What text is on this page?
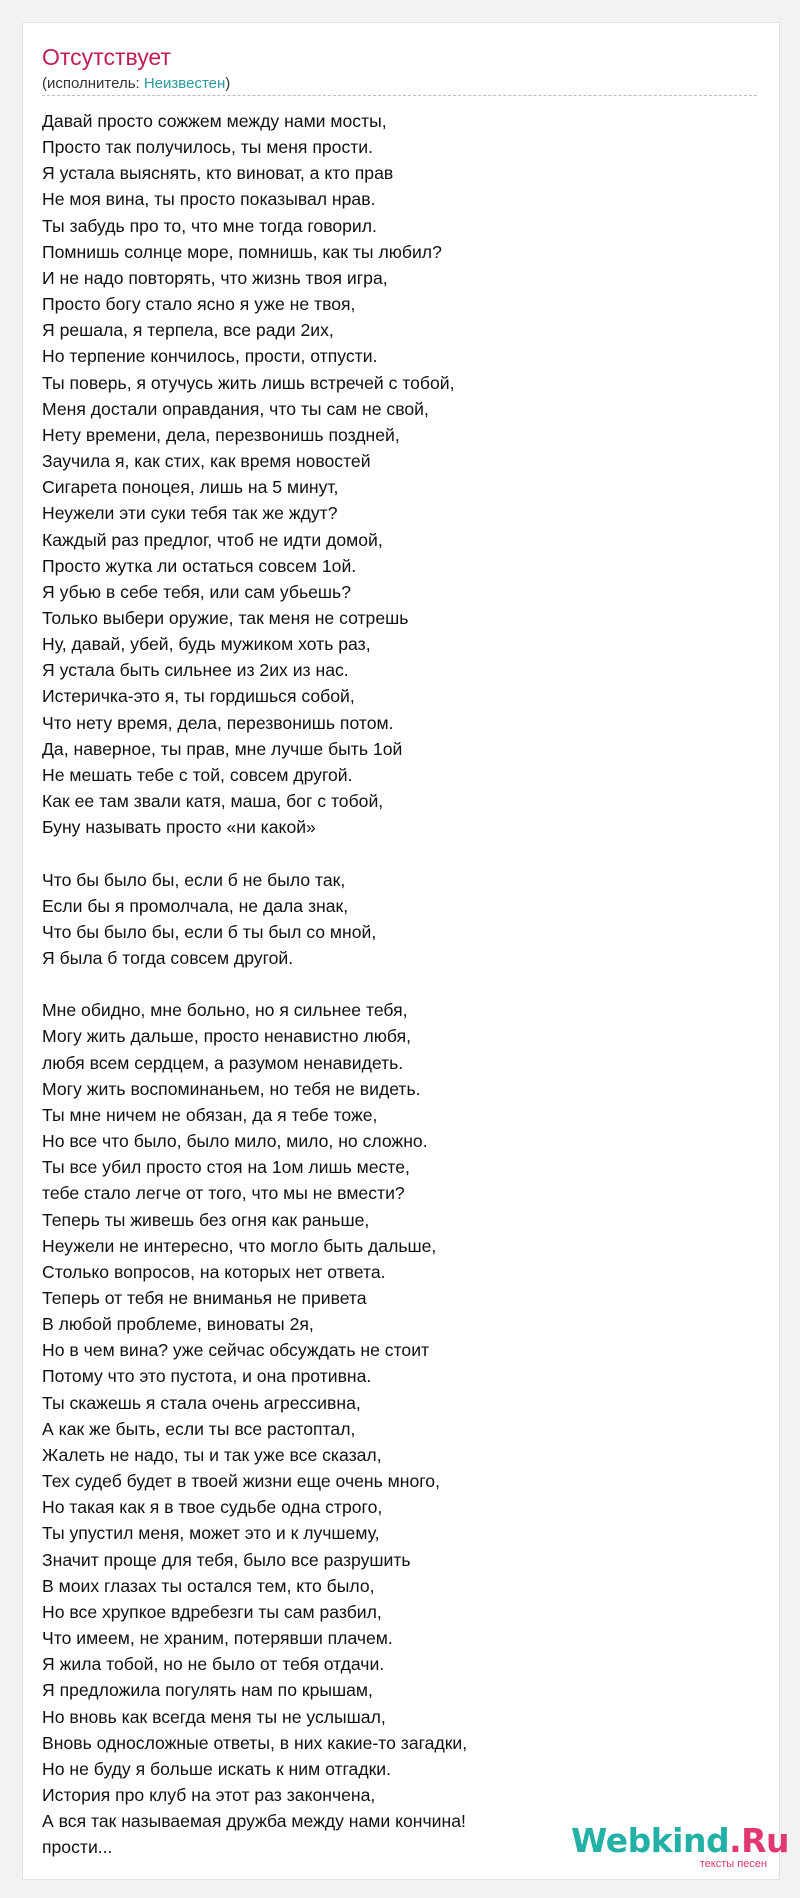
Отсутствует
(исполнитель: Неизвестен)
Давай просто сожжем между нами мосты,
Просто так получилось, ты меня прости.
Я устала выяснять, кто виноват, а кто прав
Не моя вина, ты просто показывал нрав.
Ты забудь про то, что мне тогда говорил.
Помнишь солнце море, помнишь, как ты любил?
И не надо повторять, что жизнь твоя игра,
Просто богу стало ясно я уже не твоя,
Я решала, я терпела, все ради 2их,
Но терпение кончилось, прости, отпусти.
Ты поверь, я отучусь жить лишь встречей с тобой,
Меня достали оправдания, что ты сам не свой,
Нету времени, дела, перезвонишь поздней,
Заучила я, как стих, как время новостей
Сигарета поноцея, лишь на 5 минут,
Неужели эти суки тебя так же ждут?
Каждый раз предлог, чтоб не идти домой,
Просто жутка ли остаться совсем 1ой.
Я убью в себе тебя, или сам убьешь?
Только выбери оружие, так меня не сотрешь
Ну, давай, убей, будь мужиком хоть раз,
Я устала быть сильнее из 2их из нас.
Истеричка-это я, ты гордишься собой,
Что нету время, дела, перезвонишь потом.
Да, наверное, ты прав, мне лучше быть 1ой
Не мешать тебе с той, совсем другой.
Как ее там звали катя, маша, бог с тобой,
Буну называть просто «ни какой»
Что бы было бы, если б не было так,
Если бы я промолчала, не дала знак,
Что бы было бы, если б ты был со мной,
Я была б тогда совсем другой.
Мне обидно, мне больно, но я сильнее тебя,
Могу жить дальше, просто ненавистно любя,
любя всем сердцем, а разумом ненавидеть.
Могу жить воспоминаньем, но тебя не видеть.
Ты мне ничем не обязан, да я тебе тоже,
Но все что было, было мило, мило, но сложно.
Ты все убил просто стоя на 1ом лишь месте,
тебе стало легче от того, что мы не вмести?
Теперь ты живешь без огня как раньше,
Неужели не интересно, что могло быть дальше,
Столько вопросов, на которых нет ответа.
Теперь от тебя не вниманья не привета
В любой проблеме, виноваты 2я,
Но в чем вина? уже сейчас обсуждать не стоит
Потому что это пустота, и она противна.
Ты скажешь я стала очень агрессивна,
А как же быть, если ты все растоптал,
Жалеть не надо, ты и так уже все сказал,
Тех судеб будет в твоей жизни еще очень много,
Но такая как я в твое судьбе одна строго,
Ты упустил меня, может это и к лучшему,
Значит проще для тебя, было все разрушить
В моих глазах ты остался тем, кто было,
Но все хрупкое вдребезги ты сам разбил,
Что имеем, не храним, потерявши плачем.
Я жила тобой, но не было от тебя отдачи.
Я предложила погулять нам по крышам,
Но вновь как всегда меня ты не услышал,
Вновь односложные ответы, в них какие-то загадки,
Но не буду я больше искать к ним отгадки.
История про клуб на этот раз закончена,
А вся так называемая дружба между нами кончина!
прости...	Webkind.Ru
тексты песен
